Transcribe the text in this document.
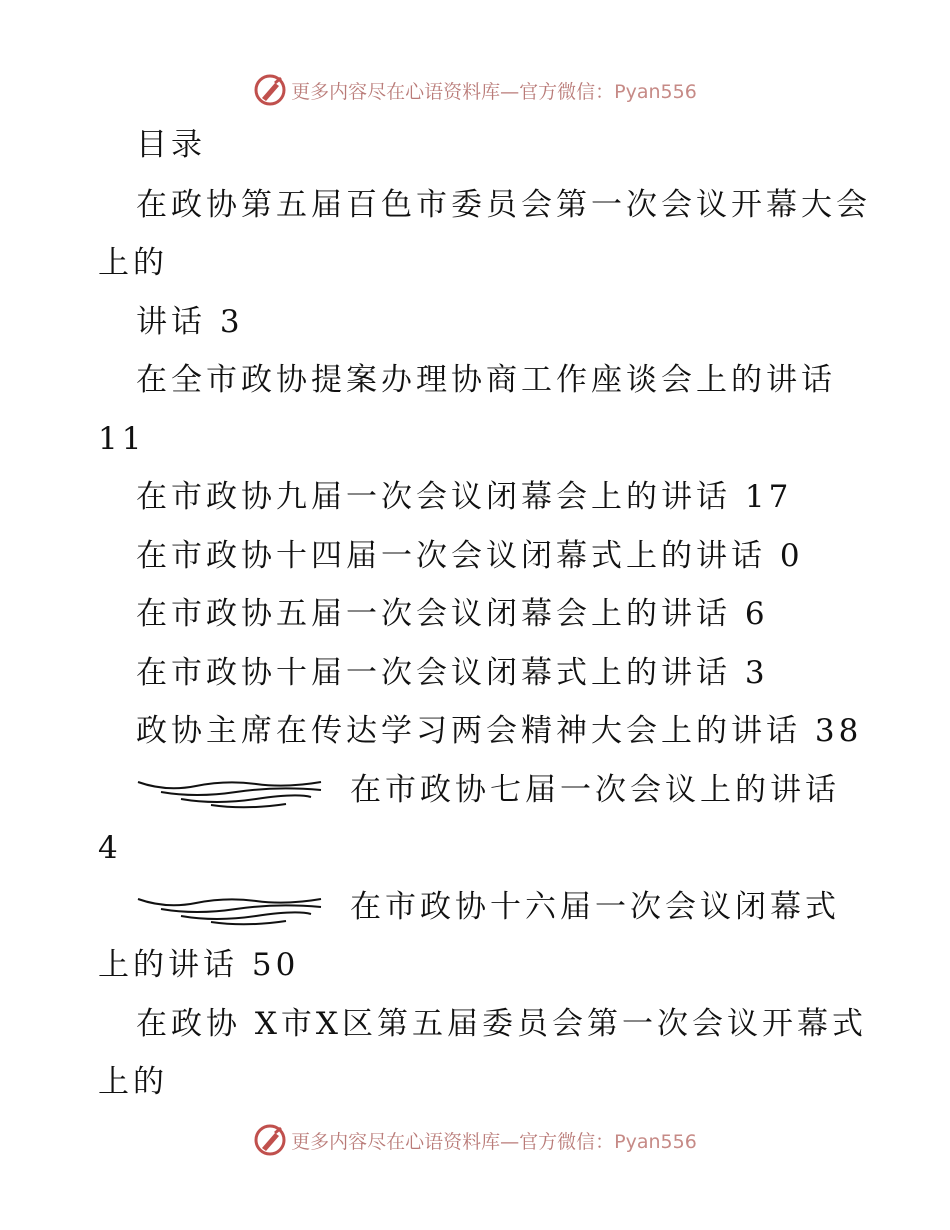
更多内容尽在心语资料库—官方微信：Pyan556
目录
在政协第五届百色市委员会第一次会议开幕大会
上的
讲话 3
在全市政协提案办理协商工作座谈会上的讲话
11
在市政协九届一次会议闭幕会上的讲话 17
在市政协十四届一次会议闭幕式上的讲话 0
在市政协五届一次会议闭幕会上的讲话 6
在市政协十届一次会议闭幕式上的讲话 3
政协主席在传达学习两会精神大会上的讲话 38
在市政协七届一次会议上的讲话
4
在市政协十六届一次会议闭幕式
上的讲话 50
在政协 X市X区第五届委员会第一次会议开幕式
上的
更多内容尽在心语资料库—官方微信：Pyan556
